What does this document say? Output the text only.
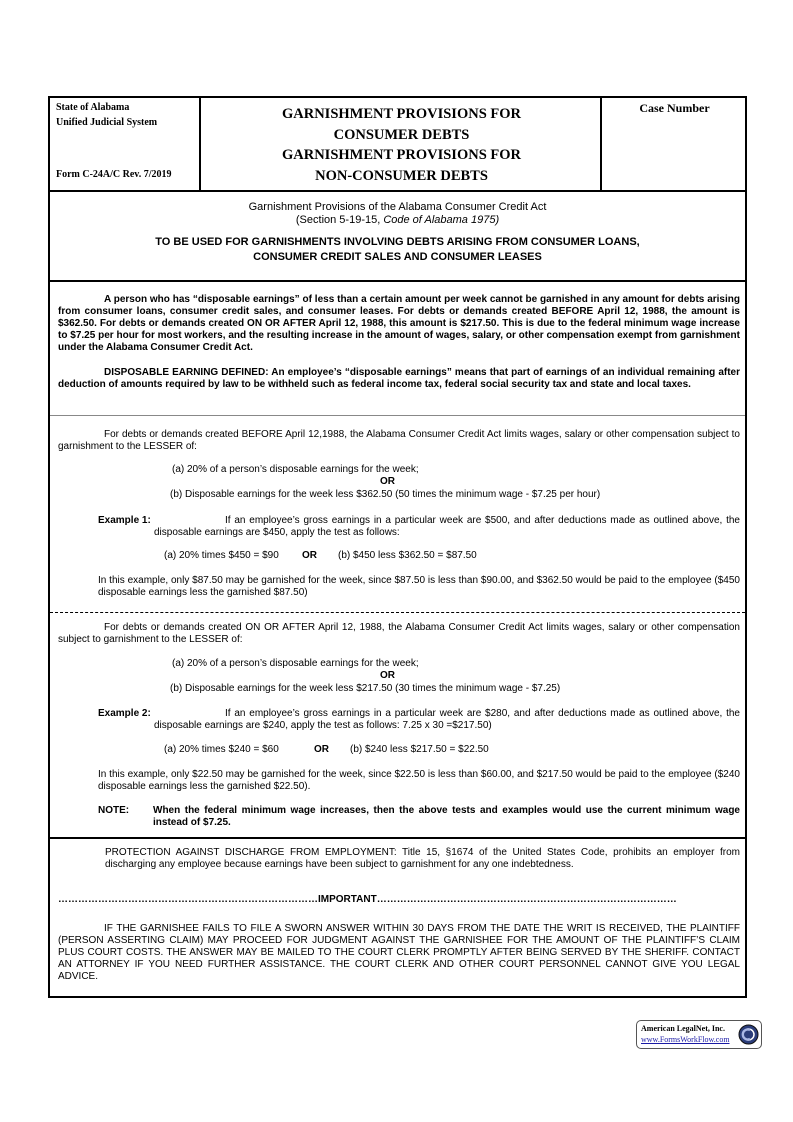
State of Alabama
Unified Judicial System
Form C-24A/C Rev. 7/2019
GARNISHMENT PROVISIONS FOR
CONSUMER DEBTS
GARNISHMENT PROVISIONS FOR
NON-CONSUMER DEBTS
Case Number
Garnishment Provisions of the Alabama Consumer Credit Act
(Section 5-19-15, Code of Alabama 1975)
TO BE USED FOR GARNISHMENTS INVOLVING DEBTS ARISING FROM CONSUMER LOANS,
CONSUMER CREDIT SALES AND CONSUMER LEASES
A person who has “disposable earnings” of less than a certain amount per week cannot be garnished in any amount for debts arising from consumer loans, consumer credit sales, and consumer leases. For debts or demands created BEFORE April 12, 1988, the amount is $362.50. For debts or demands created ON OR AFTER April 12, 1988, this amount is $217.50. This is due to the federal minimum wage increase to $7.25 per hour for most workers, and the resulting increase in the amount of wages, salary, or other compensation exempt from garnishment under the Alabama Consumer Credit Act.
DISPOSABLE EARNING DEFINED: An employee’s “disposable earnings” means that part of earnings of an individual remaining after deduction of amounts required by law to be withheld such as federal income tax, federal social security tax and state and local taxes.
For debts or demands created BEFORE April 12,1988, the Alabama Consumer Credit Act limits wages, salary or other compensation subject to garnishment to the LESSER of:
(a) 20% of a person’s disposable earnings for the week;
OR
(b) Disposable earnings for the week less $362.50 (50 times the minimum wage - $7.25 per hour)
Example 1:	If an employee’s gross earnings in a particular week are $500, and after deductions made as outlined above, the disposable earnings are $450, apply the test as follows:
(a) 20% times $450 = $90 OR (b) $450 less $362.50 = $87.50
In this example, only $87.50 may be garnished for the week, since $87.50 is less than $90.00, and $362.50 would be paid to the employee ($450 disposable earnings less the garnished $87.50)
For debts or demands created ON OR AFTER April 12, 1988, the Alabama Consumer Credit Act limits wages, salary or other compensation subject to garnishment to the LESSER of:
(a) 20% of a person’s disposable earnings for the week;
OR
(b) Disposable earnings for the week less $217.50 (30 times the minimum wage - $7.25)
Example 2:	If an employee’s gross earnings in a particular week are $280, and after deductions made as outlined above, the disposable earnings are $240, apply the test as follows: 7.25 x 30 =$217.50)
(a) 20% times $240 = $60	OR (b) $240 less $217.50 = $22.50
In this example, only $22.50 may be garnished for the week, since $22.50 is less than $60.00, and $217.50 would be paid to the employee ($240 disposable earnings less the garnished $22.50).
NOTE: When the federal minimum wage increases, then the above tests and examples would use the current minimum wage instead of $7.25.
PROTECTION AGAINST DISCHARGE FROM EMPLOYMENT: Title 15, §1674 of the United States Code, prohibits an employer from discharging any employee because earnings have been subject to garnishment for any one indebtedness.
……………………………………………………………………IMPORTANT………………………………………………………………………………
IF THE GARNISHEE FAILS TO FILE A SWORN ANSWER WITHIN 30 DAYS FROM THE DATE THE WRIT IS RECEIVED, THE PLAINTIFF (PERSON ASSERTING CLAIM) MAY PROCEED FOR JUDGMENT AGAINST THE GARNISHEE FOR THE AMOUNT OF THE PLAINTIFF’S CLAIM PLUS COURT COSTS. THE ANSWER MAY BE MAILED TO THE COURT CLERK PROMPTLY AFTER BEING SERVED BY THE SHERIFF. CONTACT AN ATTORNEY IF YOU NEED FURTHER ASSISTANCE. THE COURT CLERK AND OTHER COURT PERSONNEL CANNOT GIVE YOU LEGAL ADVICE.
American LegalNet, Inc.
www.FormsWorkFlow.com
